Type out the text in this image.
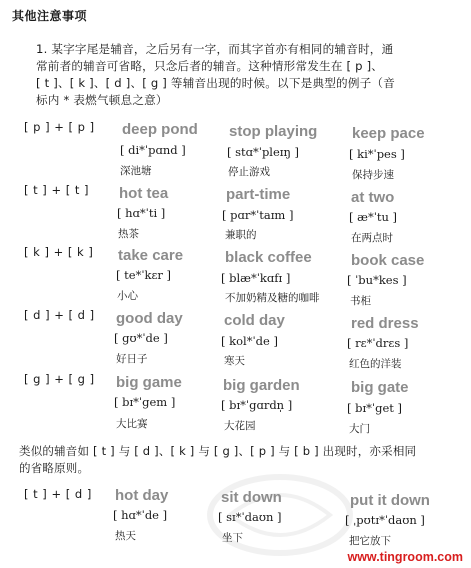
其他注意事项
1. 某字字尾是辅音，之后另有一字，而其字首亦有相同的辅音时，通
常前者的辅音可省略，只念后者的辅音。这种情形常发生在 [ p ]、
[ t ]、[ k ]、[ d ]、[ g ] 等辅音出现的时候。以下是典型的例子（音
标内 * 表燃气顿息之意）
[ p ] + [ p ] deep pond
[ di*ˈpɑnd ]
深池塘
stop playing
[ stɑ*ˈpleɪŋ ]
停止游戏
keep pace
[ ki*ˈpes ]
保持步速
[ t ] + [ t ] hot tea
[ hɑ*ˈti ]
热茶
part-time
[ pɑr*ˈtaɪm ]
兼职的
at two
[ æ*ˈtu ]
在两点时
[ k ] + [ k ] take care
[ te*ˈkɛr ]
小心
black coffee
[ blæ*ˈkɑfɪ ]
不加奶精及糖的咖啡
book case
[ ˈbu*kes ]
书柜
[ d ] + [ d ] good day
[ gʊ*ˈde ]
好日子
cold day
[ kol*ˈde ]
寒天
red dress
[ rɛ*ˈdrɛs ]
红色的洋装
[ g ] + [ g ] big game
[ bɪ*ˈgem ]
大比赛
big garden
[ bɪ*ˈgɑrdn̩ ]
大花园
big gate
[ bɪ*ˈget ]
大门
类似的辅音如 [ t ] 与 [ d ]、[ k ] 与 [ g ]、[ p ] 与 [ b ] 出现时，亦采相同
的省略原则。
[ t ] + [ d ] hot day
[ hɑ*ˈde ]
热天
sit down
[ sɪ*ˈdaʊn ]
坐下
put it down
[ ˌpʊtɪ*ˈdaʊn ]
把它放下
www.tingroom.com
